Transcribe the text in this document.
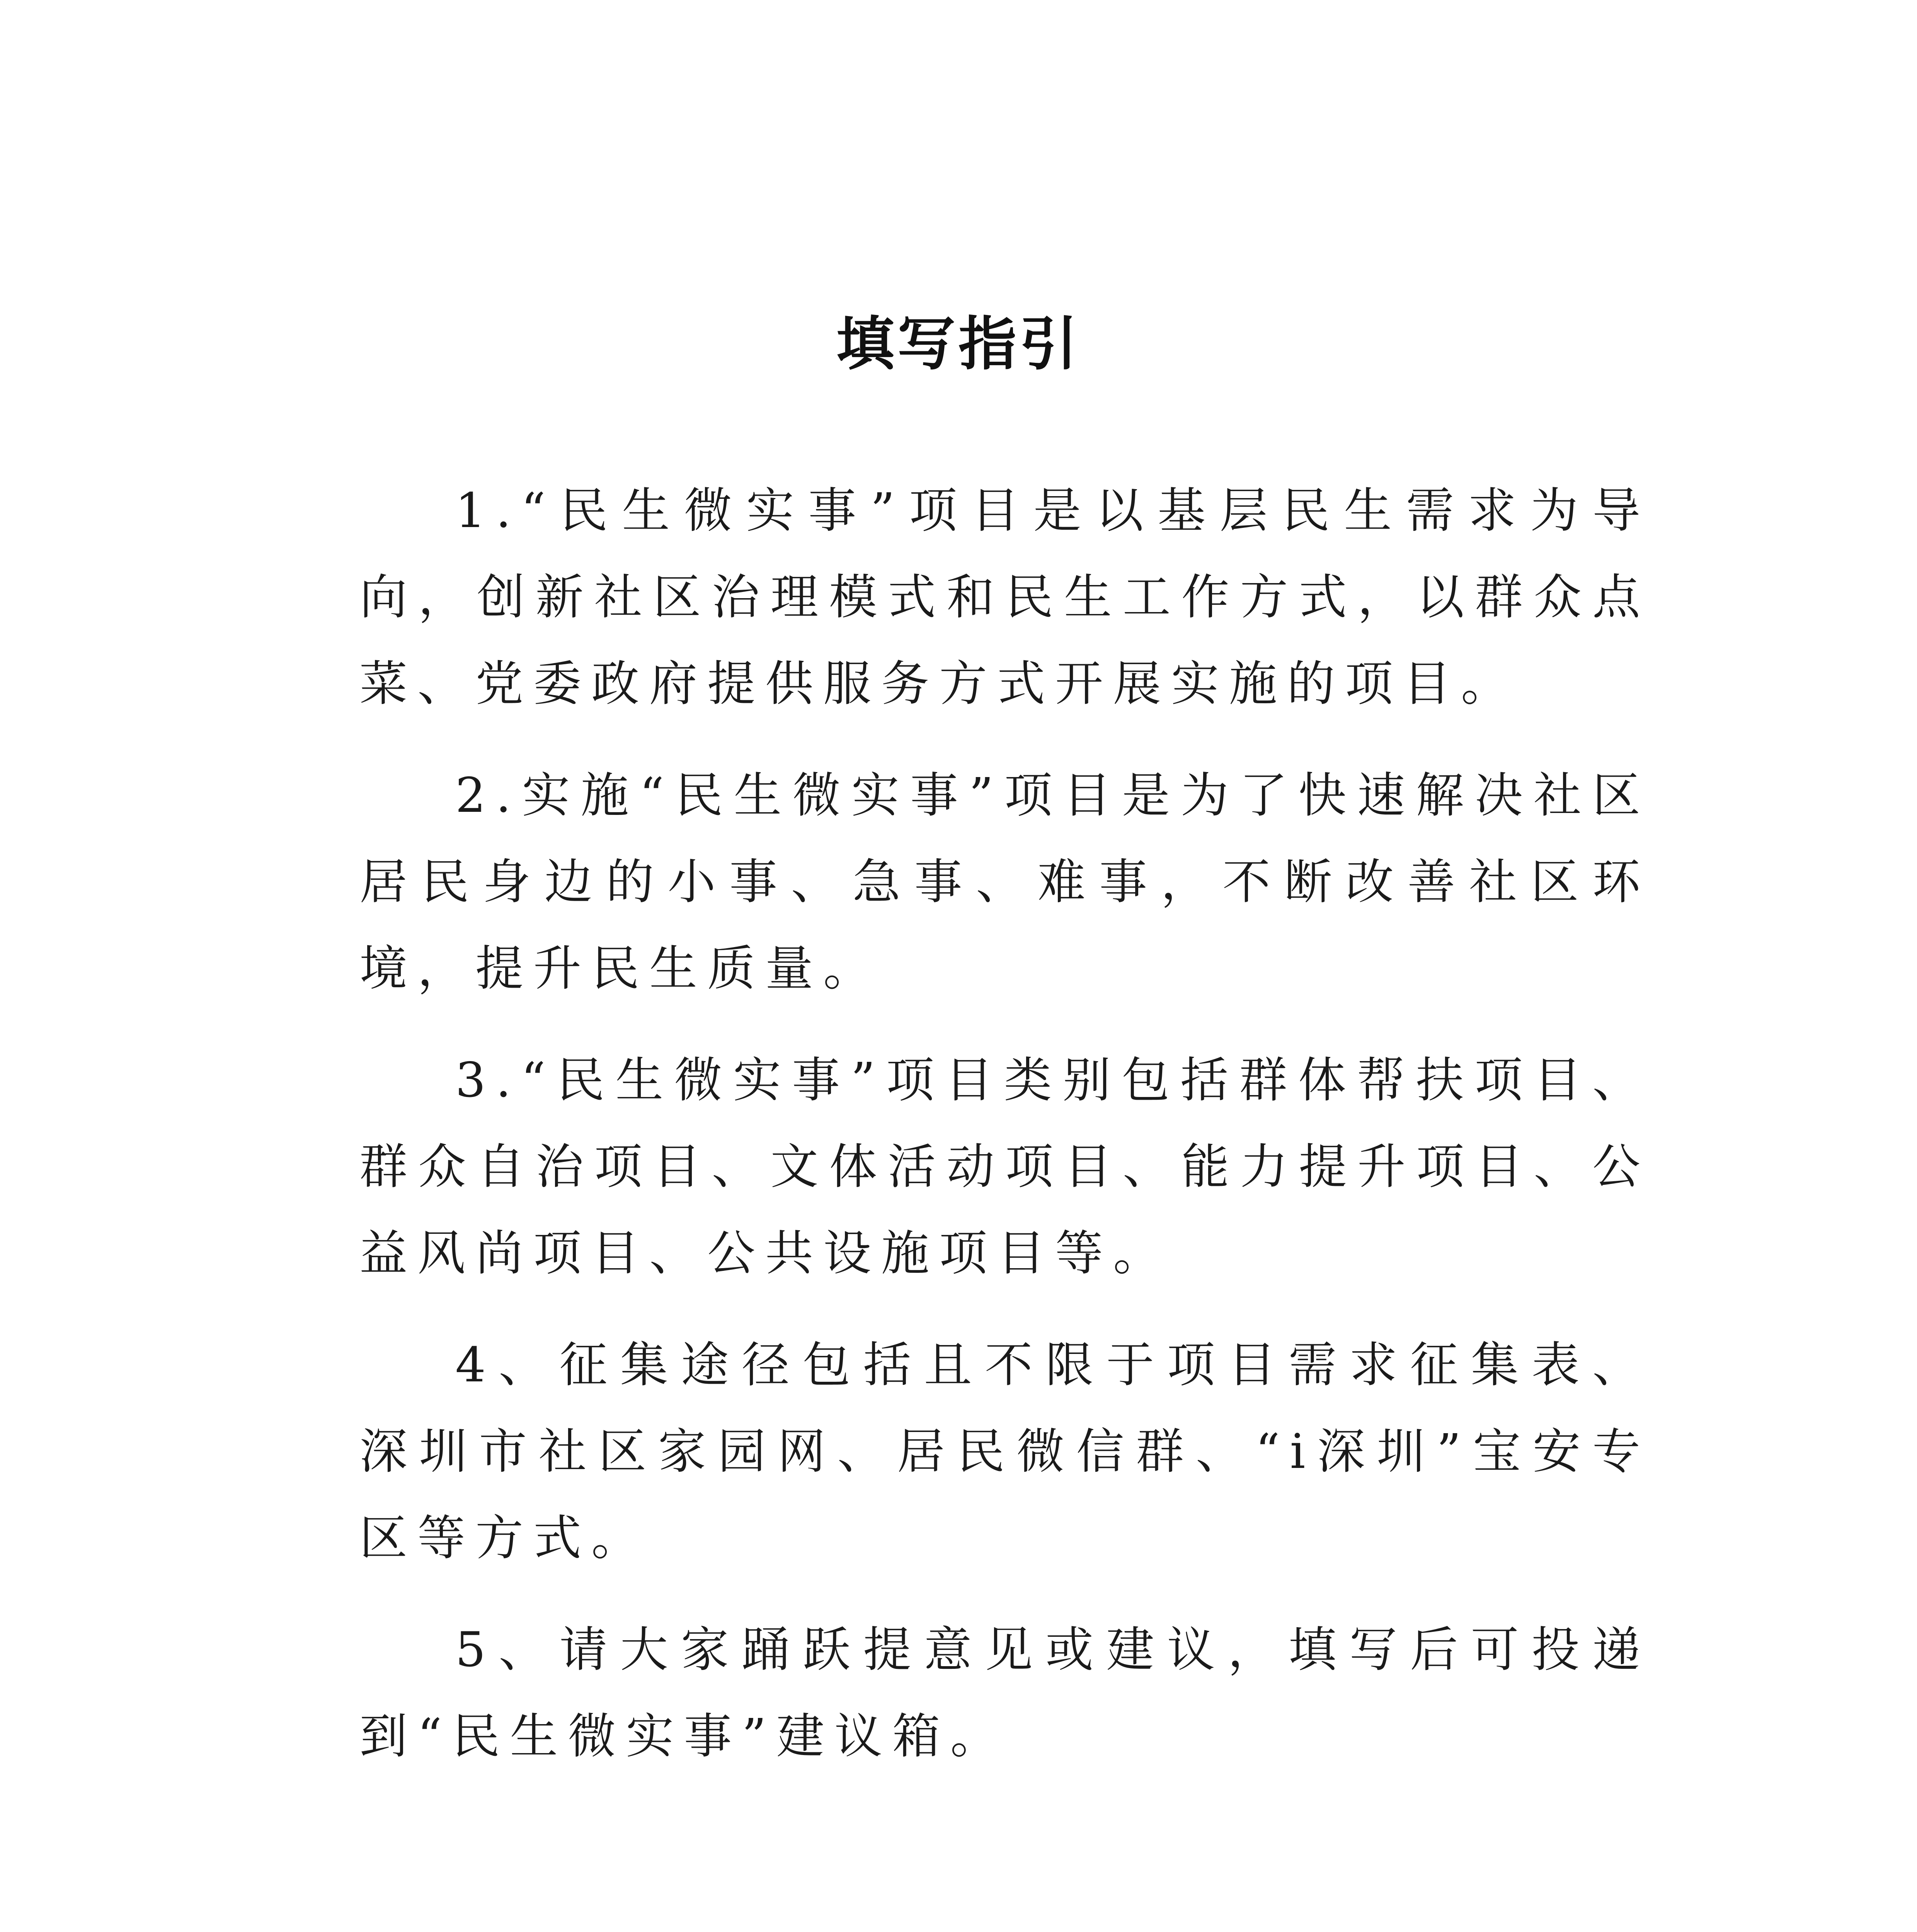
填写指引

1.“民生微实事”项目是以基层民生需求为导向，创新社区治理模式和民生工作方式，以群众点菜、党委政府提供服务方式开展实施的项目。

2.实施“民生微实事”项目是为了快速解决社区居民身边的小事、急事、难事，不断改善社区环境，提升民生质量。

3.“民生微实事”项目类别包括群体帮扶项目、群众自治项目、文体活动项目、能力提升项目、公益风尚项目、公共设施项目等。

4、征集途径包括且不限于项目需求征集表、深圳市社区家园网、居民微信群、“i深圳”宝安专区等方式。

5、请大家踊跃提意见或建议，填写后可投递到“民生微实事”建议箱。
